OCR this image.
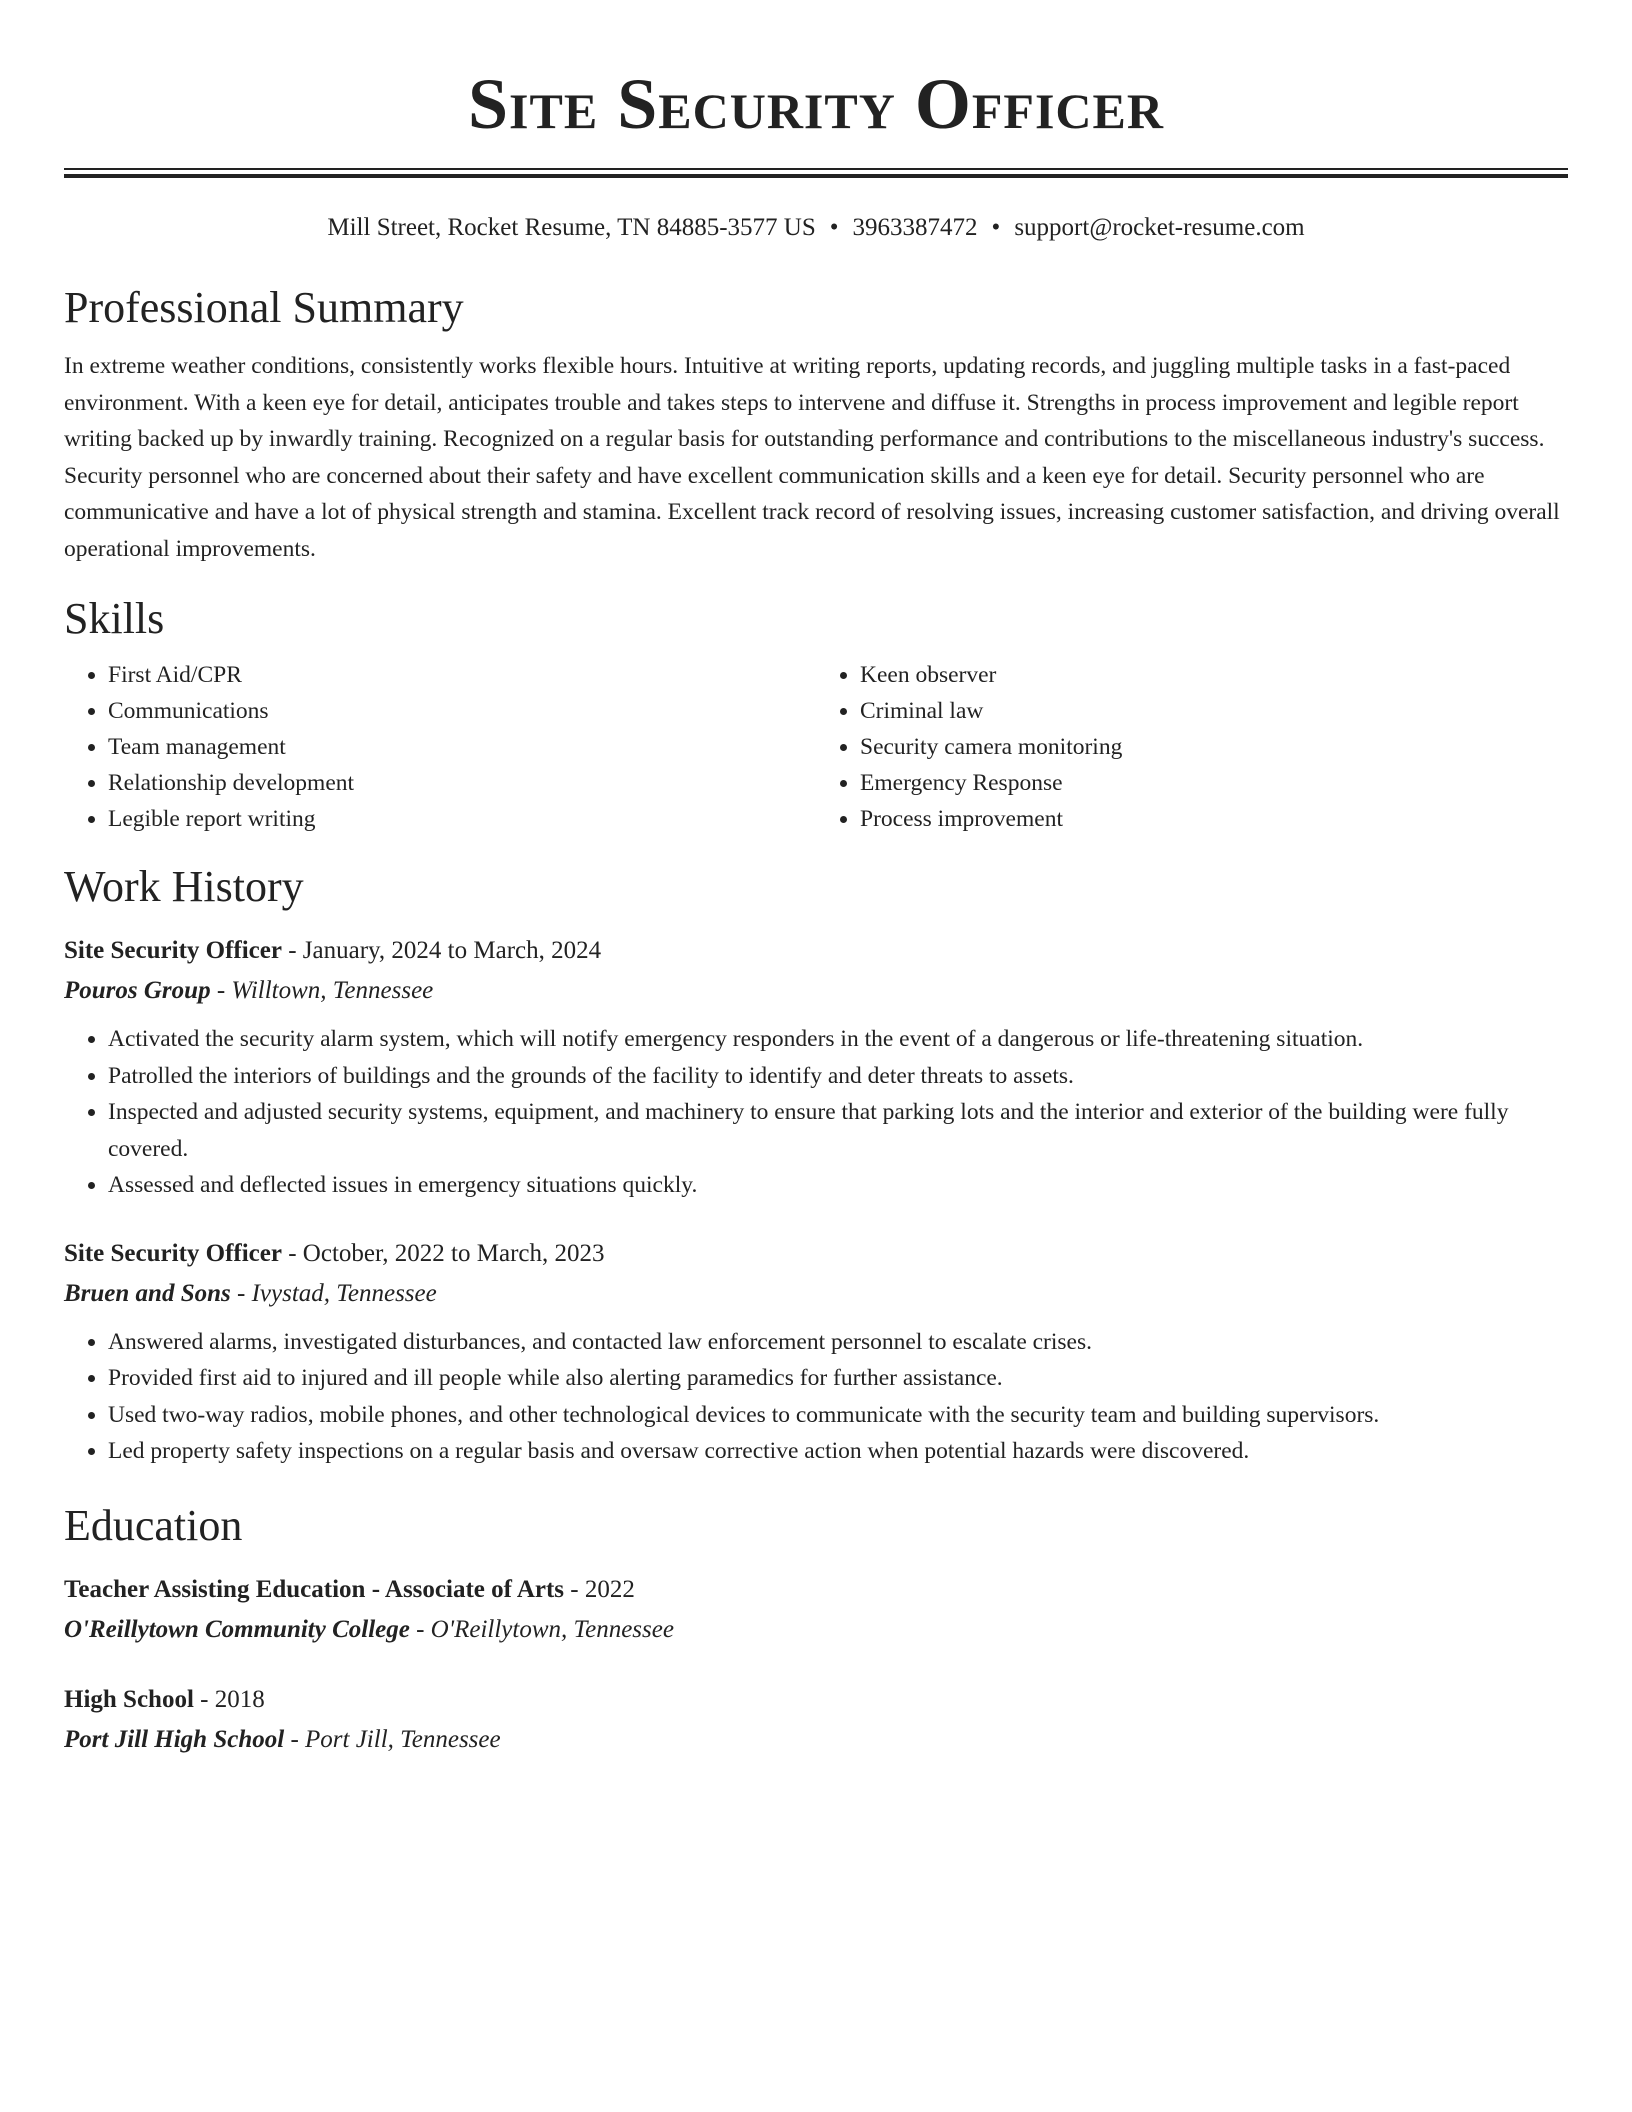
Site Security Officer
Mill Street, Rocket Resume, TN 84885-3577 US • 3963387472 • support@rocket-resume.com
Professional Summary

In extreme weather conditions, consistently works flexible hours. Intuitive at writing reports, updating records, and juggling multiple tasks in a fast-paced environment. With a keen eye for detail, anticipates trouble and takes steps to intervene and diffuse it. Strengths in process improvement and legible report writing backed up by inwardly training. Recognized on a regular basis for outstanding performance and contributions to the miscellaneous industry's success. Security personnel who are concerned about their safety and have excellent communication skills and a keen eye for detail. Security personnel who are communicative and have a lot of physical strength and stamina. Excellent track record of resolving issues, increasing customer satisfaction, and driving overall operational improvements.

Skills
• First Aid/CPR
• Communications
• Team management
• Relationship development
• Legible report writing
• Keen observer
• Criminal law
• Security camera monitoring
• Emergency Response
• Process improvement
Work History
Site Security Officer - January, 2024 to March, 2024
Pouros Group - Willtown, Tennessee
• Activated the security alarm system, which will notify emergency responders in the event of a dangerous or life-threatening situation.
• Patrolled the interiors of buildings and the grounds of the facility to identify and deter threats to assets.
• Inspected and adjusted security systems, equipment, and machinery to ensure that parking lots and the interior and exterior of the building were fully covered.
• Assessed and deflected issues in emergency situations quickly.
Site Security Officer - October, 2022 to March, 2023
Bruen and Sons - Ivystad, Tennessee
• Answered alarms, investigated disturbances, and contacted law enforcement personnel to escalate crises.
• Provided first aid to injured and ill people while also alerting paramedics for further assistance.
• Used two-way radios, mobile phones, and other technological devices to communicate with the security team and building supervisors.
• Led property safety inspections on a regular basis and oversaw corrective action when potential hazards were discovered.
Education
Teacher Assisting Education - Associate of Arts - 2022
O'Reillytown Community College - O'Reillytown, Tennessee
High School - 2018
Port Jill High School - Port Jill, Tennessee
